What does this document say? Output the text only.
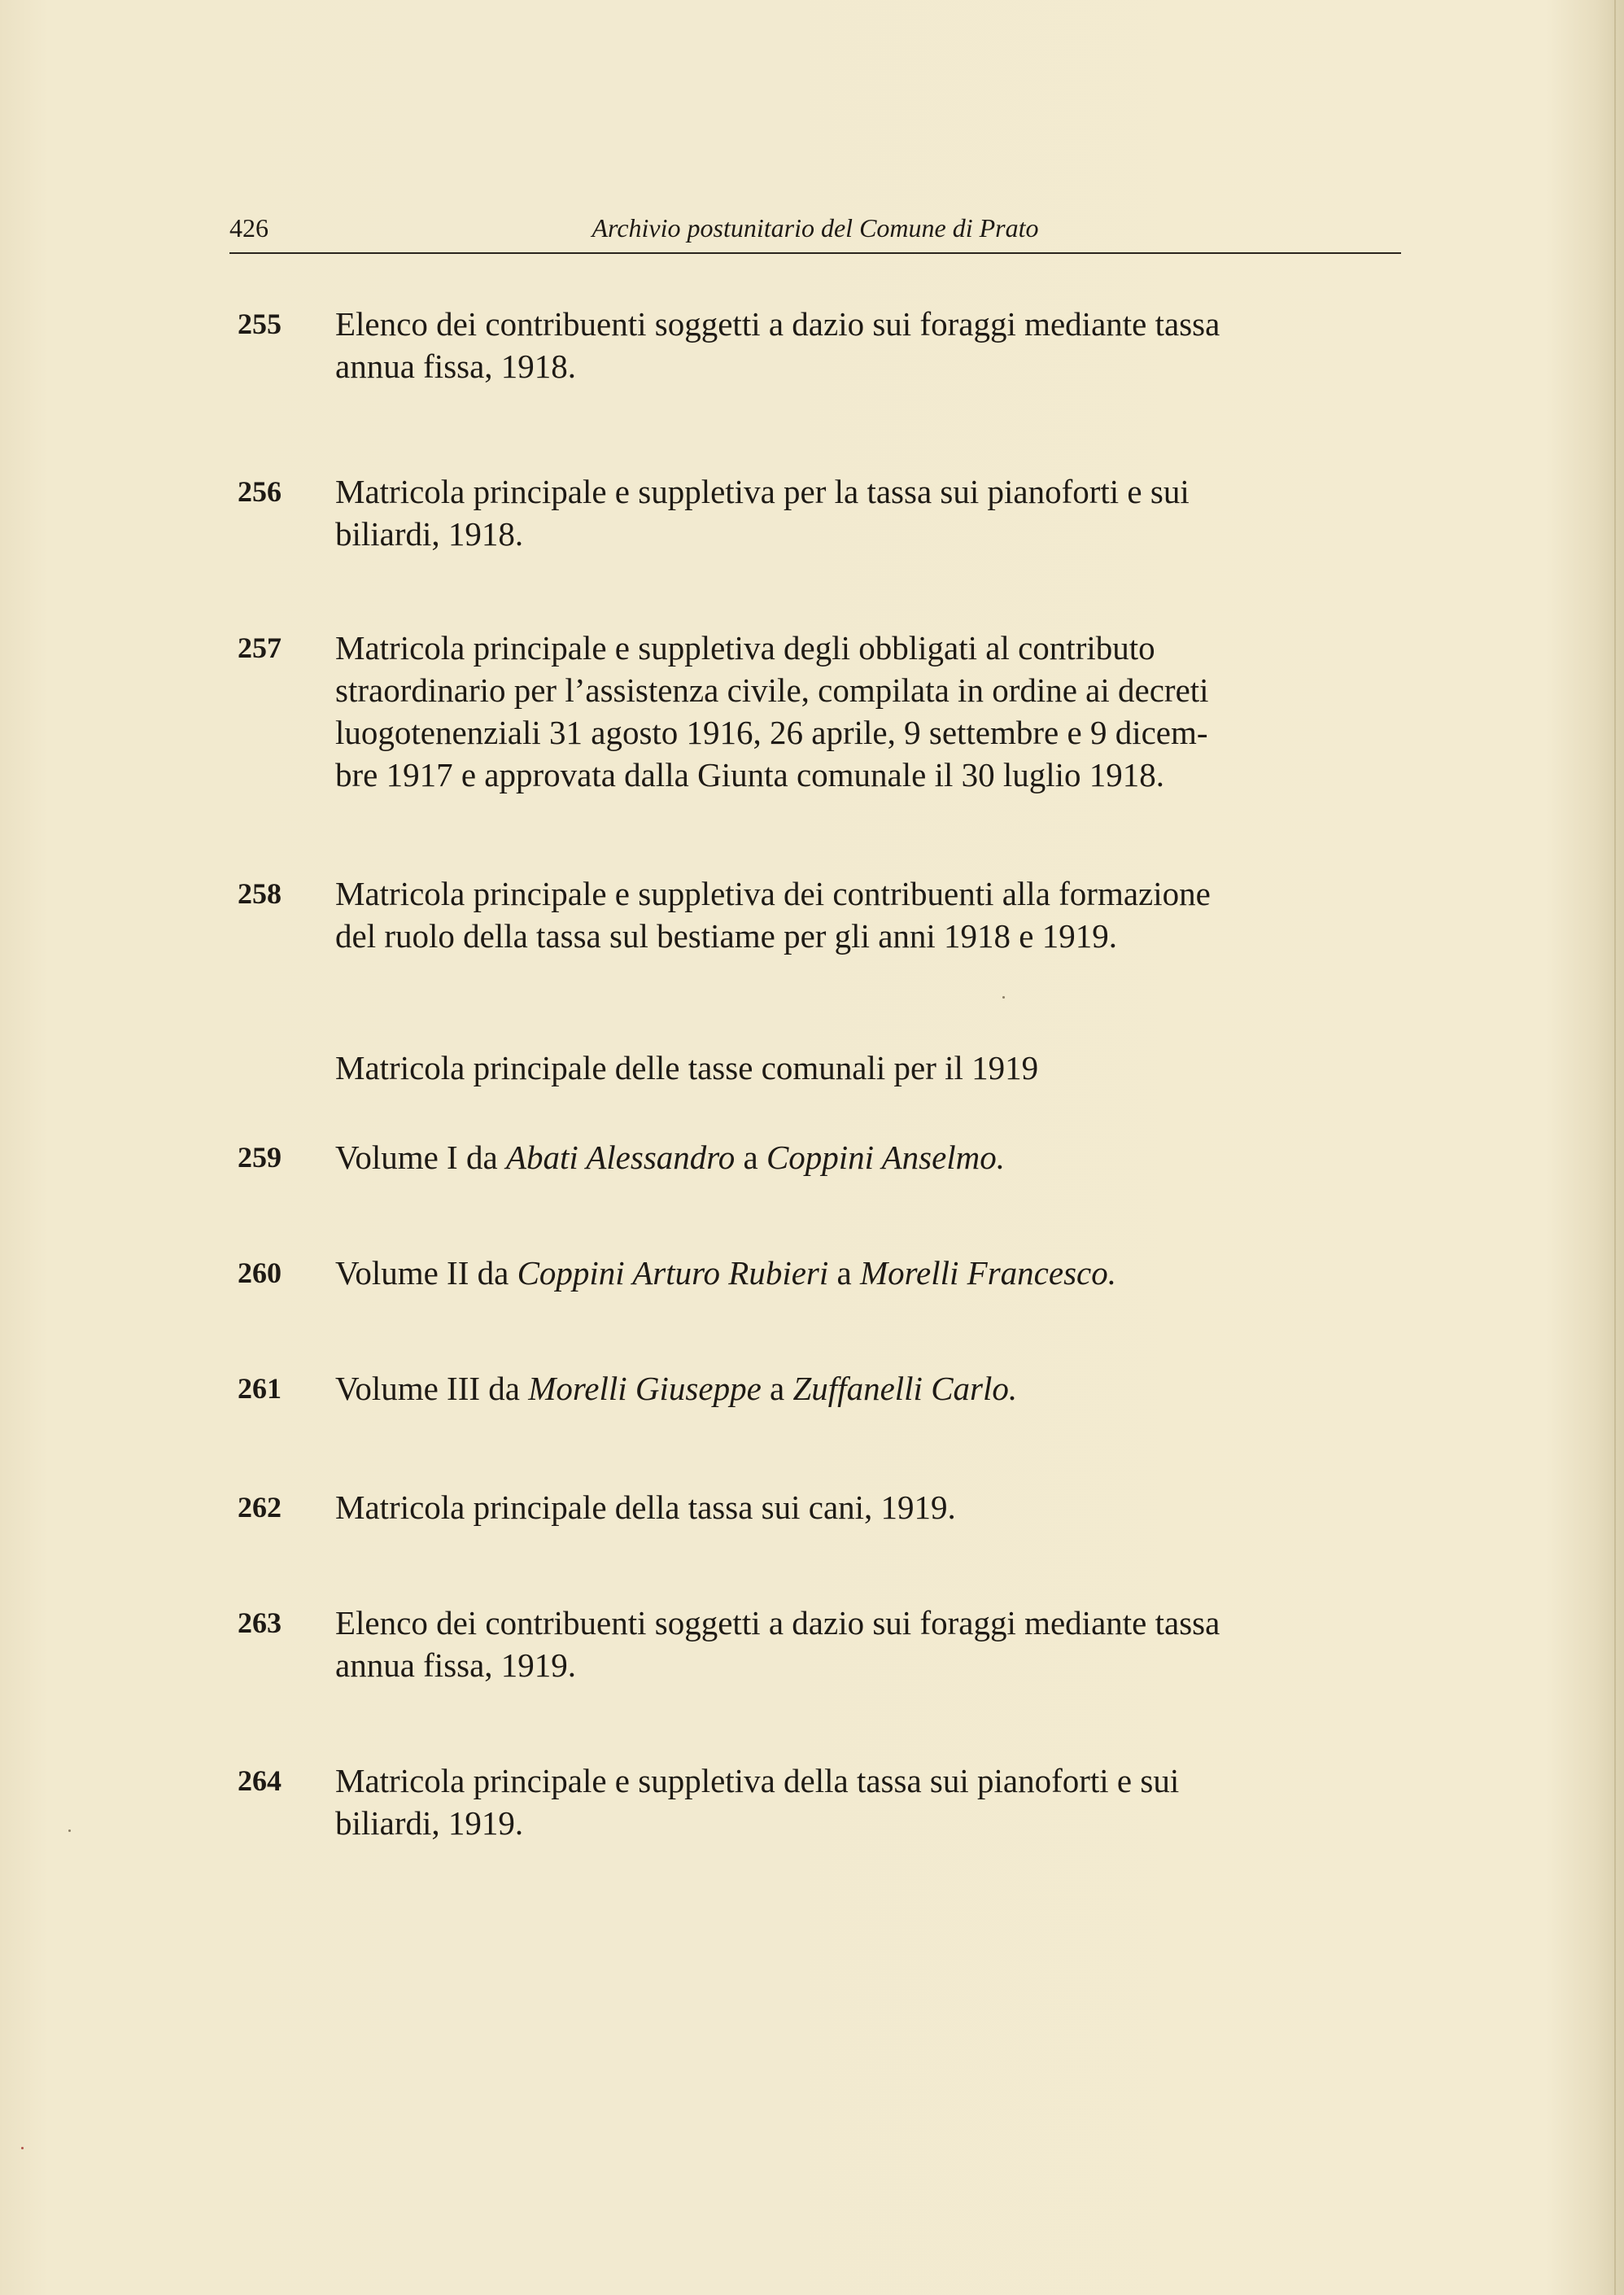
426	Archivio postunitario del Comune di Prato
255	Elenco dei contribuenti soggetti a dazio sui foraggi mediante tassa
annua fissa, 1918.
256	Matricola principale e suppletiva per la tassa sui pianoforti e sui
biliardi, 1918.
257	Matricola principale e suppletiva degli obbligati al contributo
straordinario per l’assistenza civile, compilata in ordine ai decreti
luogotenenziali 31 agosto 1916, 26 aprile, 9 settembre e 9 dicem-
bre 1917 e approvata dalla Giunta comunale il 30 luglio 1918.
258	Matricola principale e suppletiva dei contribuenti alla formazione
del ruolo della tassa sul bestiame per gli anni 1918 e 1919.
Matricola principale delle tasse comunali per il 1919
259	Volume I da Abati Alessandro a Coppini Anselmo.
260	Volume II da Coppini Arturo Rubieri a Morelli Francesco.
261	Volume III da Morelli Giuseppe a Zuffanelli Carlo.
262	Matricola principale della tassa sui cani, 1919.
263	Elenco dei contribuenti soggetti a dazio sui foraggi mediante tassa
annua fissa, 1919.
264	Matricola principale e suppletiva della tassa sui pianoforti e sui
biliardi, 1919.
